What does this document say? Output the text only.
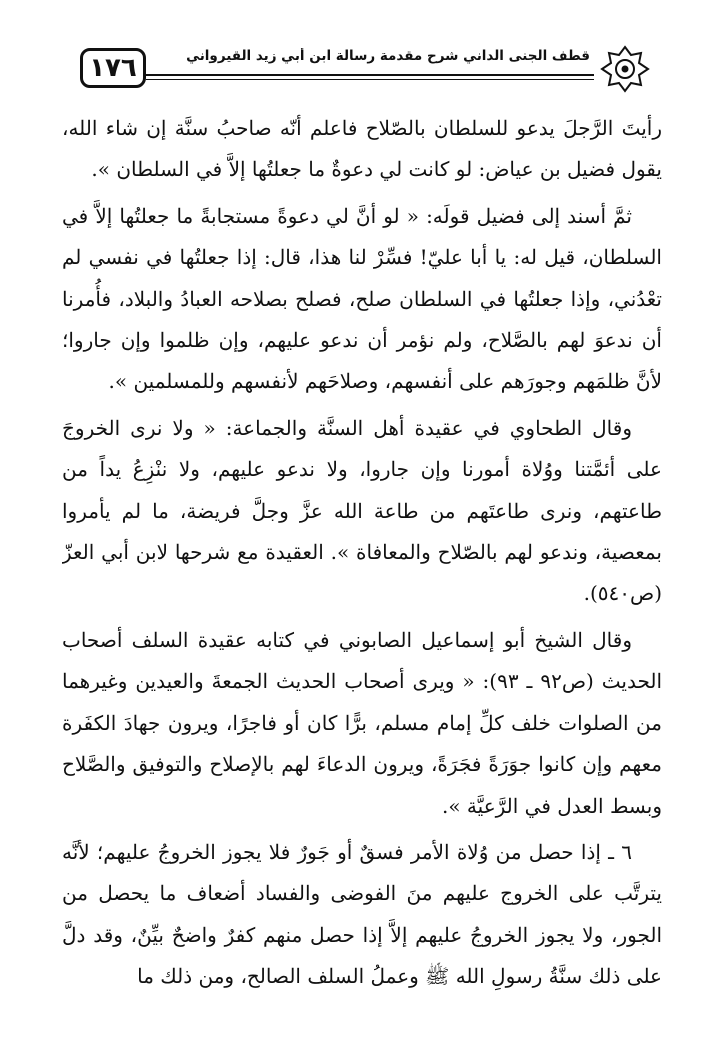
١٧٦	قطف الجنى الداني شرح مقدمة رسالة ابن أبي زيد القيرواني

رأيتَ الرَّجلَ يدعو للسلطان بالصّلاح فاعلم أنّه صاحبُ سنَّة إن شاء الله، يقول فضيل بن عياض: لو كانت لي دعوةٌ ما جعلتُها إلاَّ في السلطان ».

ثمَّ أسند إلى فضيل قولَه: « لو أنَّ لي دعوةً مستجابةً ما جعلتُها إلاَّ في السلطان، قيل له: يا أبا عليّ! فسِّرْ لنا هذا، قال: إذا جعلتُها في نفسي لم تعْدُني، وإذا جعلتُها في السلطان صلح، فصلح بصلاحه العبادُ والبلاد، فأُمرنا أن ندعوَ لهم بالصَّلاح، ولم نؤمر أن ندعو عليهم، وإن ظلموا وإن جاروا؛ لأنَّ ظلمَهم وجورَهم على أنفسهم، وصلاحَهم لأنفسهم وللمسلمين ».

وقال الطحاوي في عقيدة أهل السنَّة والجماعة: « ولا نرى الخروجَ على أئمَّتنا ووُلاة أمورنا وإن جاروا، ولا ندعو عليهم، ولا ننْزِعُ يداً من طاعتهم، ونرى طاعتَهم من طاعة الله عزَّ وجلَّ فريضة، ما لم يأمروا بمعصية، وندعو لهم بالصّلاح والمعافاة ». العقيدة مع شرحها لابن أبي العزّ (ص٥٤٠).

وقال الشيخ أبو إسماعيل الصابوني في كتابه عقيدة السلف أصحاب الحديث (ص٩٢ ـ ٩٣): « ويرى أصحاب الحديث الجمعةَ والعيدين وغيرهما من الصلوات خلف كلِّ إمام مسلم، برًّا كان أو فاجرًا، ويرون جهادَ الكفَرة معهم وإن كانوا جوَرَةً فجَرَةً، ويرون الدعاءَ لهم بالإصلاح والتوفيق والصَّلاح وبسط العدل في الرَّعيَّة ».

٦ ـ إذا حصل من وُلاة الأمر فسقٌ أو جَورٌ فلا يجوز الخروجُ عليهم؛ لأنَّه يترتَّب على الخروج عليهم منَ الفوضى والفساد أضعاف ما يحصل من الجور، ولا يجوز الخروجُ عليهم إلاَّ إذا حصل منهم كفرٌ واضحٌ بيِّنٌ، وقد دلَّ على ذلك سنَّةُ رسولِ الله ﷺ وعملُ السلف الصالح، ومن ذلك ما
